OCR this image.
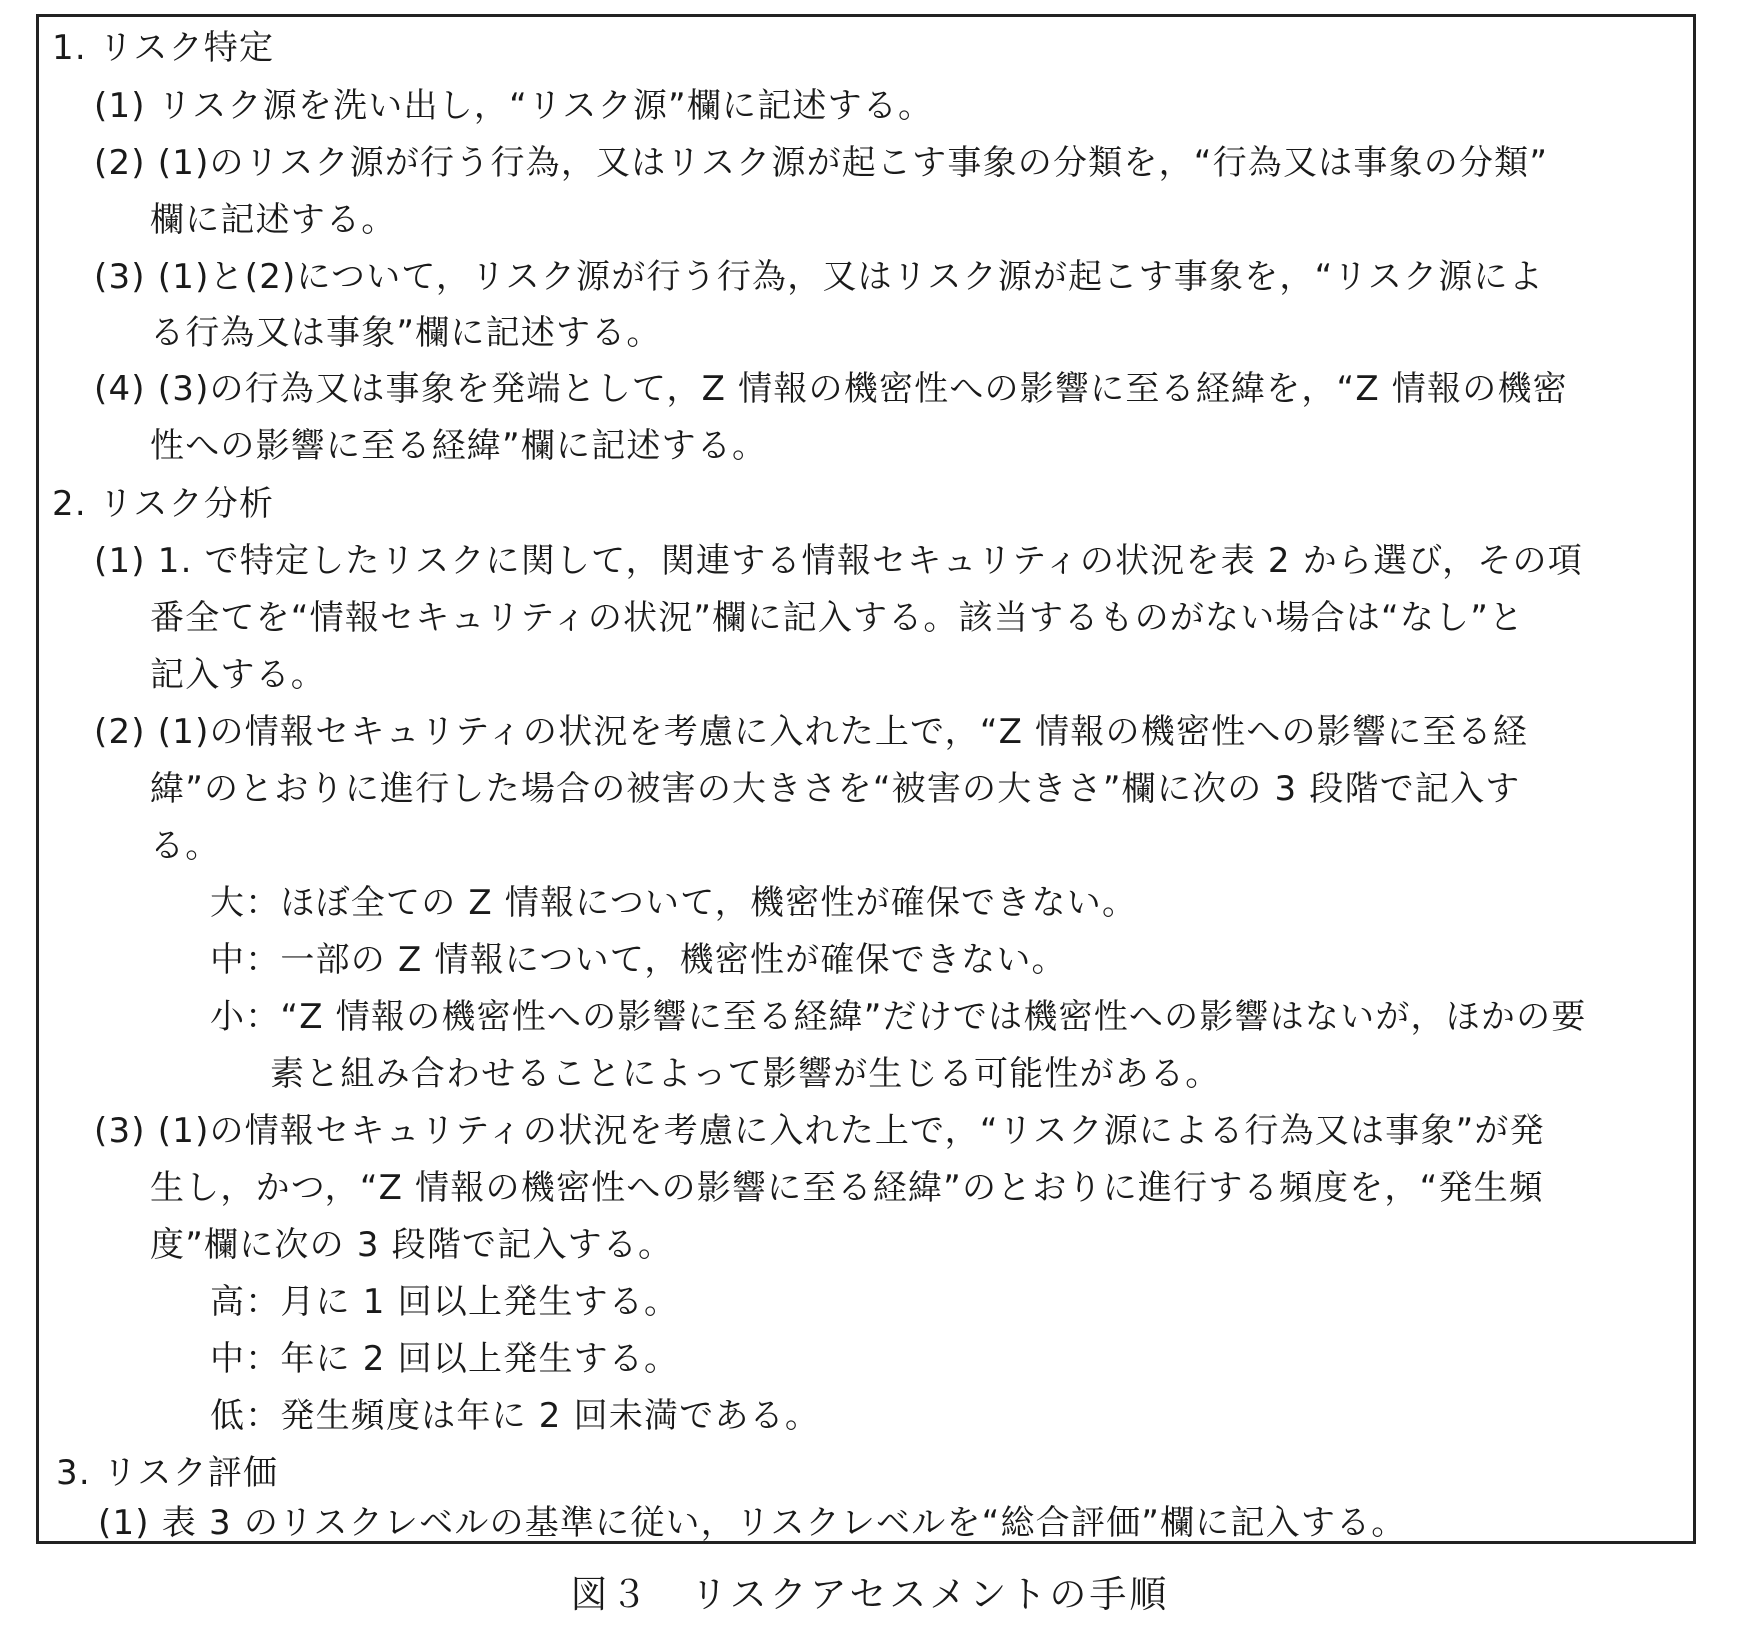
1. リスク特定
(1) リスク源を洗い出し，“リスク源”欄に記述する。
(2) (1)のリスク源が行う行為，又はリスク源が起こす事象の分類を，“行為又は事象の分類”
欄に記述する。
(3) (1)と(2)について，リスク源が行う行為，又はリスク源が起こす事象を，“リスク源によ
る行為又は事象”欄に記述する。
(4) (3)の行為又は事象を発端として，Z 情報の機密性への影響に至る経緯を，“Z 情報の機密
性への影響に至る経緯”欄に記述する。
2. リスク分析
(1) 1. で特定したリスクに関して，関連する情報セキュリティの状況を表 2 から選び，その項
番全てを“情報セキュリティの状況”欄に記入する。該当するものがない場合は“なし”と
記入する。
(2) (1)の情報セキュリティの状況を考慮に入れた上で，“Z 情報の機密性への影響に至る経
緯”のとおりに進行した場合の被害の大きさを“被害の大きさ”欄に次の 3 段階で記入す
る。
大：ほぼ全ての Z 情報について，機密性が確保できない。
中：一部の Z 情報について，機密性が確保できない。
小：“Z 情報の機密性への影響に至る経緯”だけでは機密性への影響はないが，ほかの要
素と組み合わせることによって影響が生じる可能性がある。
(3) (1)の情報セキュリティの状況を考慮に入れた上で，“リスク源による行為又は事象”が発
生し，かつ，“Z 情報の機密性への影響に至る経緯”のとおりに進行する頻度を，“発生頻
度”欄に次の 3 段階で記入する。
高：月に 1 回以上発生する。
中：年に 2 回以上発生する。
低：発生頻度は年に 2 回未満である。
3. リスク評価
(1) 表 3 のリスクレベルの基準に従い，リスクレベルを“総合評価”欄に記入する。
図３　リスクアセスメントの手順
